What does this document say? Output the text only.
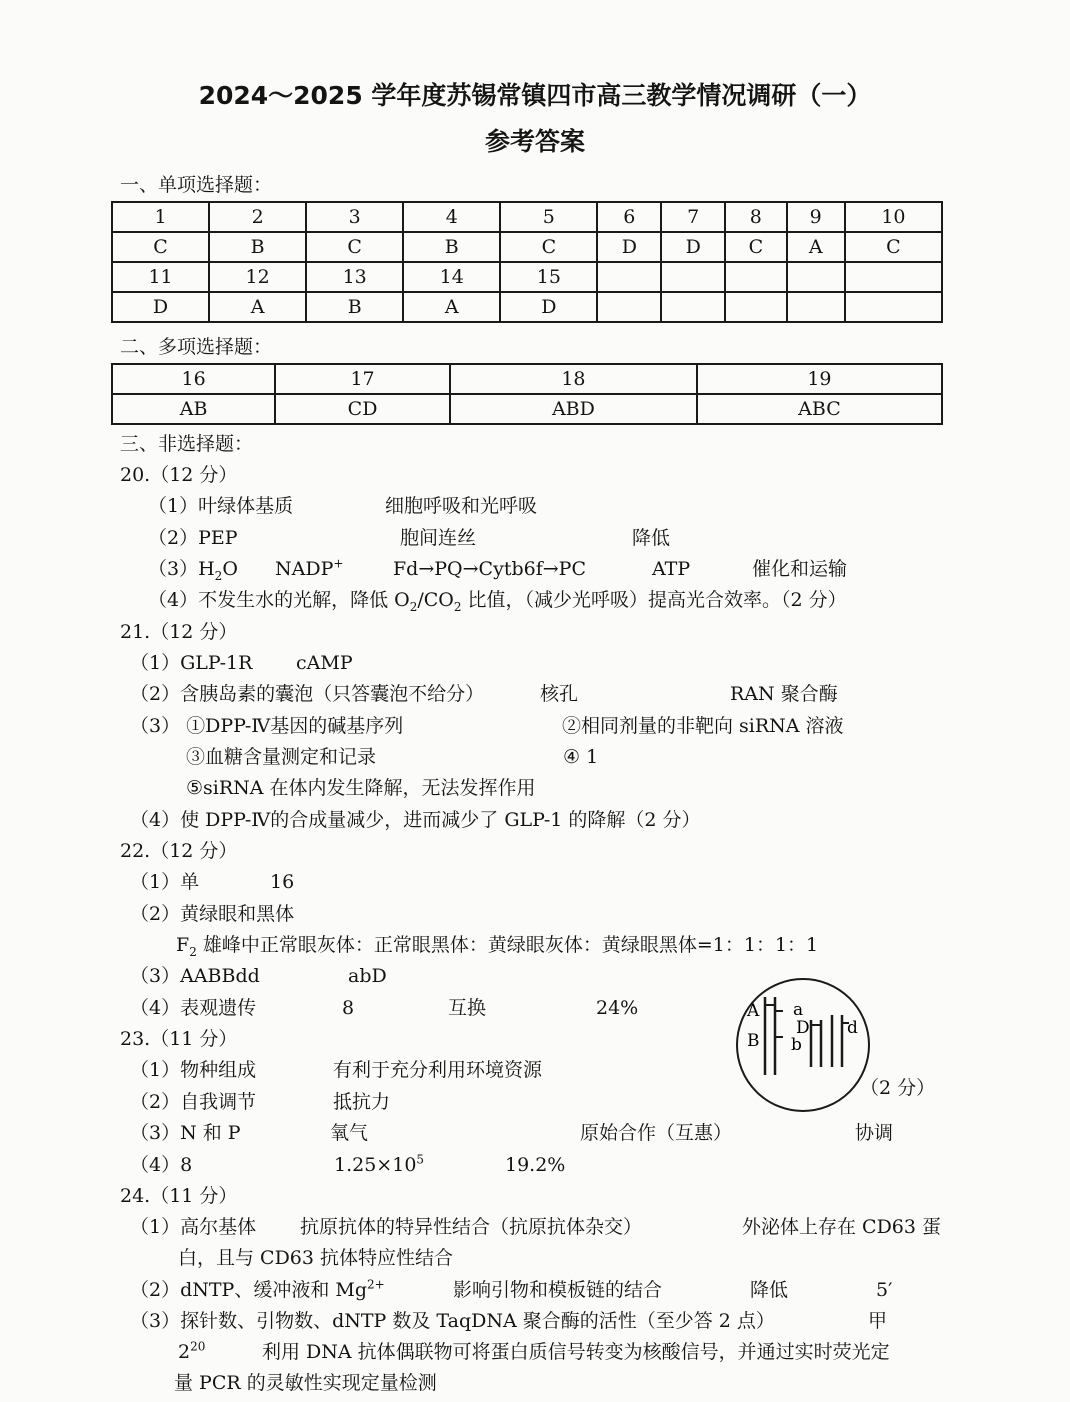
2024～2025 学年度苏锡常镇四市高三教学情况调研（一）
参考答案
一、单项选择题：
1	2	3	4	5	6	7	8	9	10
C	B	C	B	C	D	D	C	A	C
11	12	13	14	15					
D	A	B	A	D					
二、多项选择题：
16	17	18	19
AB	CD	ABD	ABC
三、非选择题：
20.（12 分）
（1）叶绿体基质	细胞呼吸和光呼吸
（2）PEP	胞间连丝	降低
$(3)H_2O$ NADP+	Fd→PQ→Cytb6f→PC	ATP	催化和运输
（4）不发生水的光解，降低 $O_2/CO_2$ 比值，（减少光呼吸）提高光合效率。（2 分）
21.（12 分）
（1）GLP-1R cAMP
（2）含胰岛素的囊泡（只答囊泡不给分）	核孔	RAN 聚合酶
（3） ①DPP-Ⅳ基因的碱基序列	②相同剂量的非靶向 siRNA 溶液
③血糖含量测定和记录	④ 1
⑤siRNA 在体内发生降解，无法发挥作用
（4）使 DPP-Ⅳ的合成量减少，进而减少了 GLP-1 的降解（2 分）
22.（12 分）
（1）单	16
（2）黄绿眼和黑体
$F_2$ 雄峰中正常眼灰体：正常眼黑体：黄绿眼灰体：黄绿眼黑体=1：1：1：1
（3）AABBdd	abD
（4）表观遗传	8	互换	24%	A
B
a
b
D d
（2 分）
23.（11 分）
（1）物种组成	有利于充分利用环境资源
（2）自我调节	抵抗力
（3）N 和 P	氧气	原始合作（互惠）	协调
（4）8	$1.25\times 10^5$	19.2%
24.（11 分）
（1）高尔基体 抗原抗体的特异性结合（抗原抗体杂交）	外泌体上存在 CD63 蛋
白，且与 CD63 抗体特应性结合
（2）dNTP、缓冲液和 $Mg^{2+}$	影响引物和模板链的结合	降低	5′
（3）探针数、引物数、dNTP 数及 TaqDNA 聚合酶的活性（至少答 2 点）	甲
$2^{20}$	利用 DNA 抗体偶联物可将蛋白质信号转变为核酸信号，并通过实时荧光定
量 PCR 的灵敏性实现定量检测
